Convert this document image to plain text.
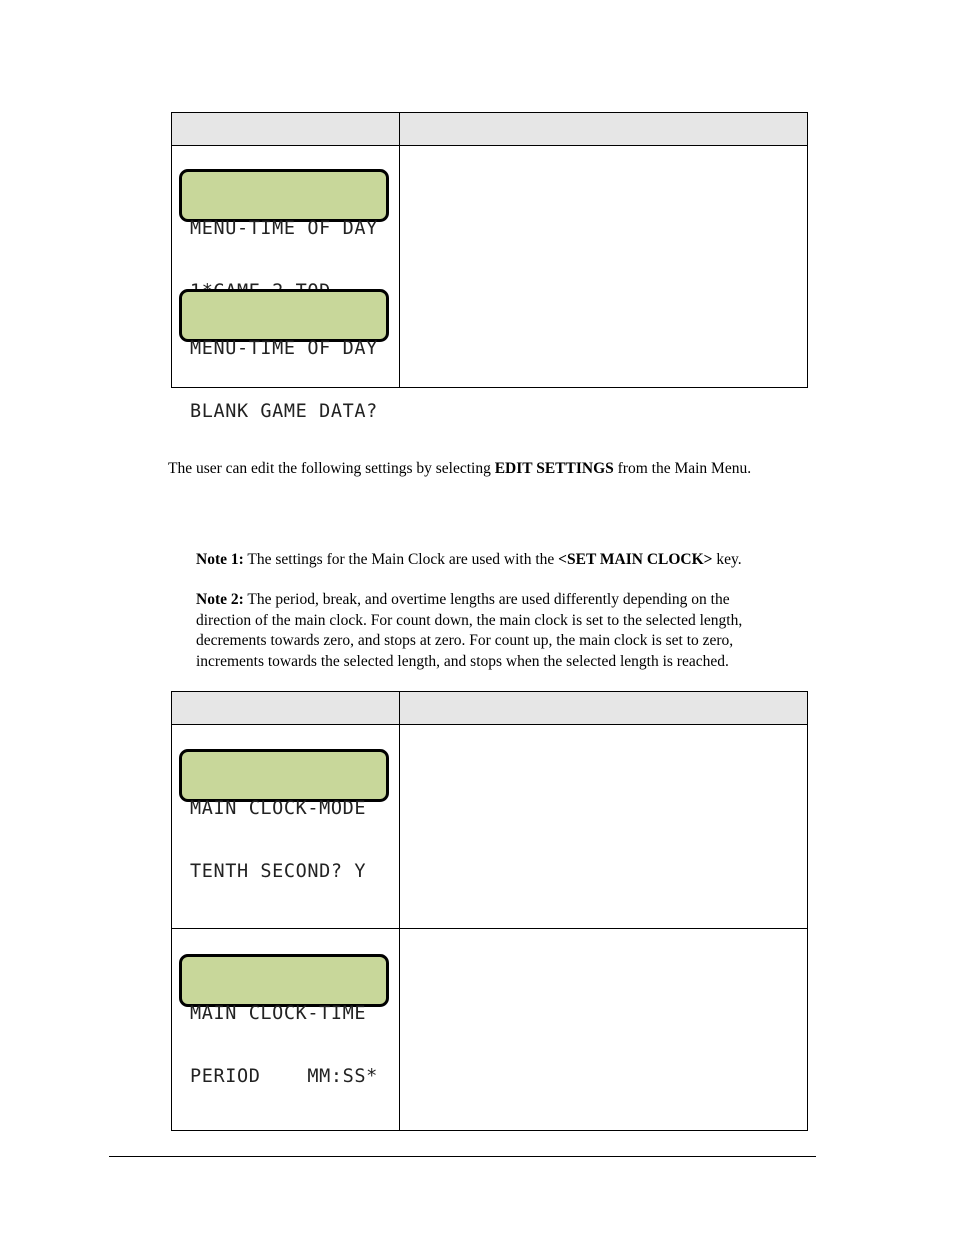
MENU-TIME OF DAY

MENU-TIME OF DAY

BLANK GAME DATA?

The user can edit the following settings by selecting EDIT SETTINGS from the Main Menu.
Note 1: The settings for the Main Clock are used with the <SET MAIN CLOCK> key.
Note 2: The period, break, and overtime lengths are used differently depending on the
direction of the main clock. For count down, the main clock is set to the selected length,
decrements towards zero, and stops at zero. For count up, the main clock is set to zero,
increments towards the selected length, and stops when the selected length is reached.

MAIN CLOCK-MODE

TENTH SECOND? Y

MAIN CLOCK-TIME

PERIOD    MM:SS*
